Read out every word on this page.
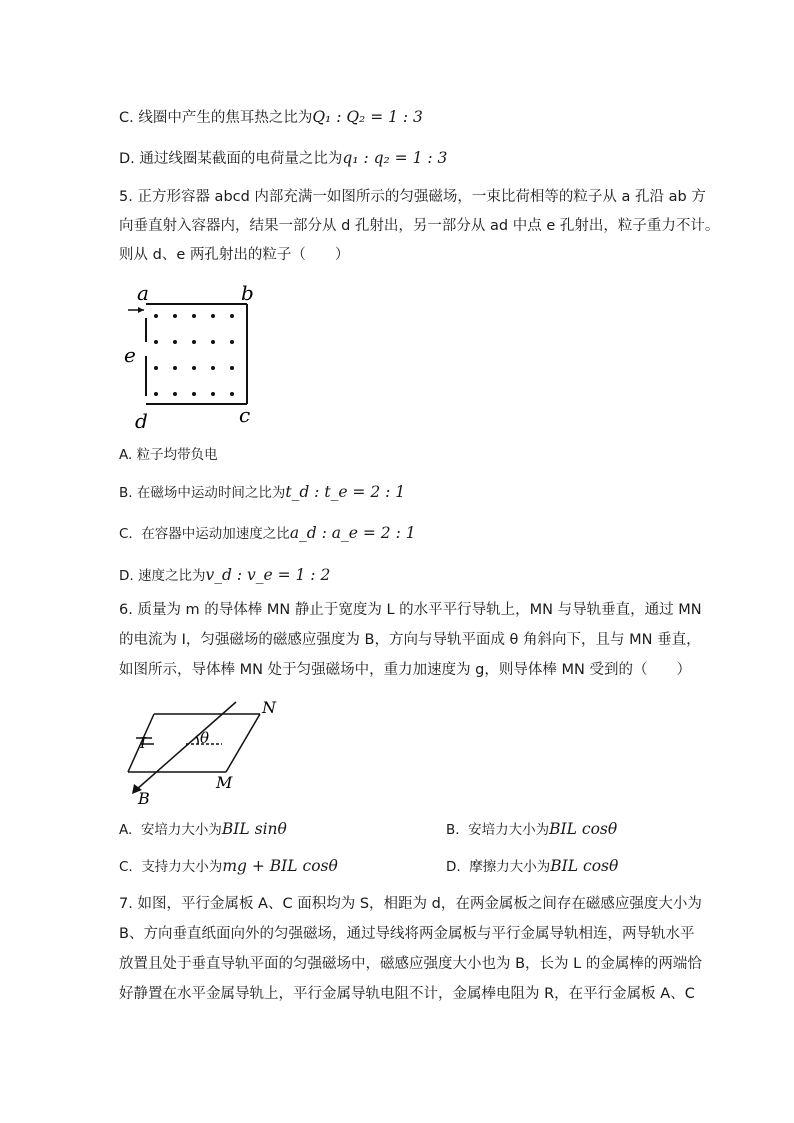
C. 线圈中产生的焦耳热之比为Q₁ : Q₂ = 1 : 3
D. 通过线圈某截面的电荷量之比为q₁ : q₂ = 1 : 3
5. 正方形容器 abcd 内部充满一如图所示的匀强磁场，一束比荷相等的粒子从 a 孔沿 ab 方
向垂直射入容器内，结果一部分从 d 孔射出，另一部分从 ad 中点 e 孔射出，粒子重力不计。
则从 d、e 两孔射出的粒子（　　）
a	b
e
d	c
A. 粒子均带负电
B. 在磁场中运动时间之比为t_d : t_e = 2 : 1
C. 在容器中运动加速度之比a_d : a_e = 2 : 1
D. 速度之比为v_d : v_e = 1 : 2
6. 质量为 m 的导体棒 MN 静止于宽度为 L 的水平平行导轨上，MN 与导轨垂直，通过 MN
的电流为 I，匀强磁场的磁感应强度为 B，方向与导轨平面成 θ 角斜向下，且与 MN 垂直，
如图所示，导体棒 MN 处于匀强磁场中，重力加速度为 g，则导体棒 MN 受到的（　　）
I	θ
N
M
B
A. 安培力大小为BIL sinθ	B. 安培力大小为BIL cosθ
C. 支持力大小为mg + BIL cosθ	D. 摩擦力大小为BIL cosθ
7. 如图，平行金属板 A、C 面积均为 S，相距为 d，在两金属板之间存在磁感应强度大小为
B、方向垂直纸面向外的匀强磁场，通过导线将两金属板与平行金属导轨相连，两导轨水平
放置且处于垂直导轨平面的匀强磁场中，磁感应强度大小也为 B，长为 L 的金属棒的两端恰
好静置在水平金属导轨上，平行金属导轨电阻不计，金属棒电阻为 R，在平行金属板 A、C
